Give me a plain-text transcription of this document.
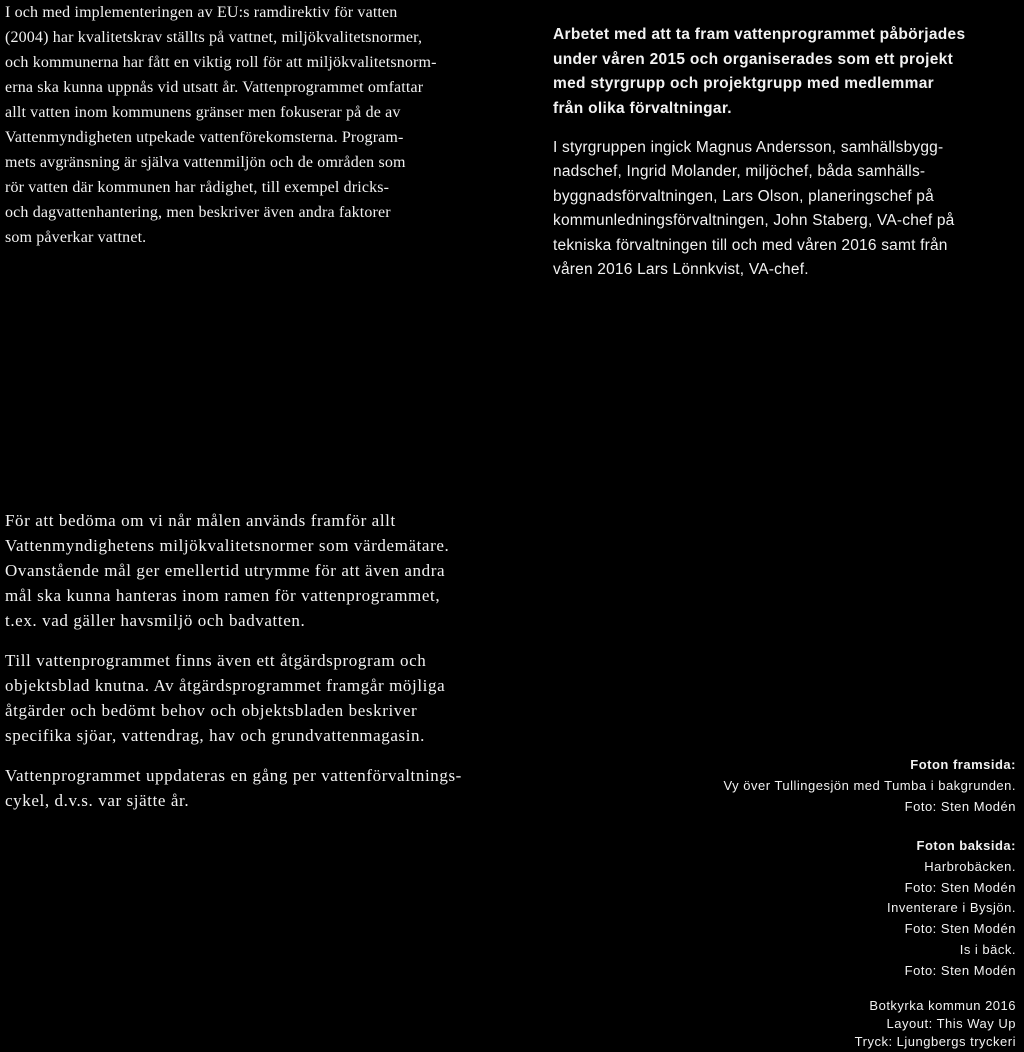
I och med implementeringen av EU:s ramdirektiv för vatten
(2004) har kvalitetskrav ställts på vattnet, miljökvalitetsnormer,
och kommunerna har fått en viktig roll för att miljökvalitetsnorm-
erna ska kunna uppnås vid utsatt år. Vattenprogrammet omfattar
allt vatten inom kommunens gränser men fokuserar på de av
Vattenmyndigheten utpekade vattenförekomsterna. Program-
mets avgränsning är själva vattenmiljön och de områden som
rör vatten där kommunen har rådighet, till exempel dricks-
och dagvattenhantering, men beskriver även andra faktorer
som påverkar vattnet.
Arbetet med att ta fram vattenprogrammet påbörjades
under våren 2015 och organiserades som ett projekt
med styrgrupp och projektgrupp med medlemmar
från olika förvaltningar.
I styrgruppen ingick Magnus Andersson, samhällsbygg-
nadschef, Ingrid Molander, miljöchef, båda samhälls-
byggnadsförvaltningen, Lars Olson, planeringschef på
kommunledningsförvaltningen, John Staberg, VA-chef på
tekniska förvaltningen till och med våren 2016 samt från
våren 2016 Lars Lönnkvist, VA-chef.
För att bedöma om vi når målen används framför allt
Vattenmyndighetens miljökvalitetsnormer som värdemätare.
Ovanstående mål ger emellertid utrymme för att även andra
mål ska kunna hanteras inom ramen för vattenprogrammet,
t.ex. vad gäller havsmiljö och badvatten.
Till vattenprogrammet finns även ett åtgärdsprogram och
objektsblad knutna. Av åtgärdsprogrammet framgår möjliga
åtgärder och bedömt behov och objektsbladen beskriver
specifika sjöar, vattendrag, hav och grundvattenmagasin.
Vattenprogrammet uppdateras en gång per vattenförvaltnings-
cykel, d.v.s. var sjätte år.
Foton framsida:
Vy över Tullingesjön med Tumba i bakgrunden.
Foto: Sten Modén
Foton baksida:
Harbrobäcken.
Foto: Sten Modén
Inventerare i Bysjön.
Foto: Sten Modén
Is i bäck.
Foto: Sten Modén
Botkyrka kommun 2016
Layout: This Way Up
Tryck: Ljungbergs tryckeri
